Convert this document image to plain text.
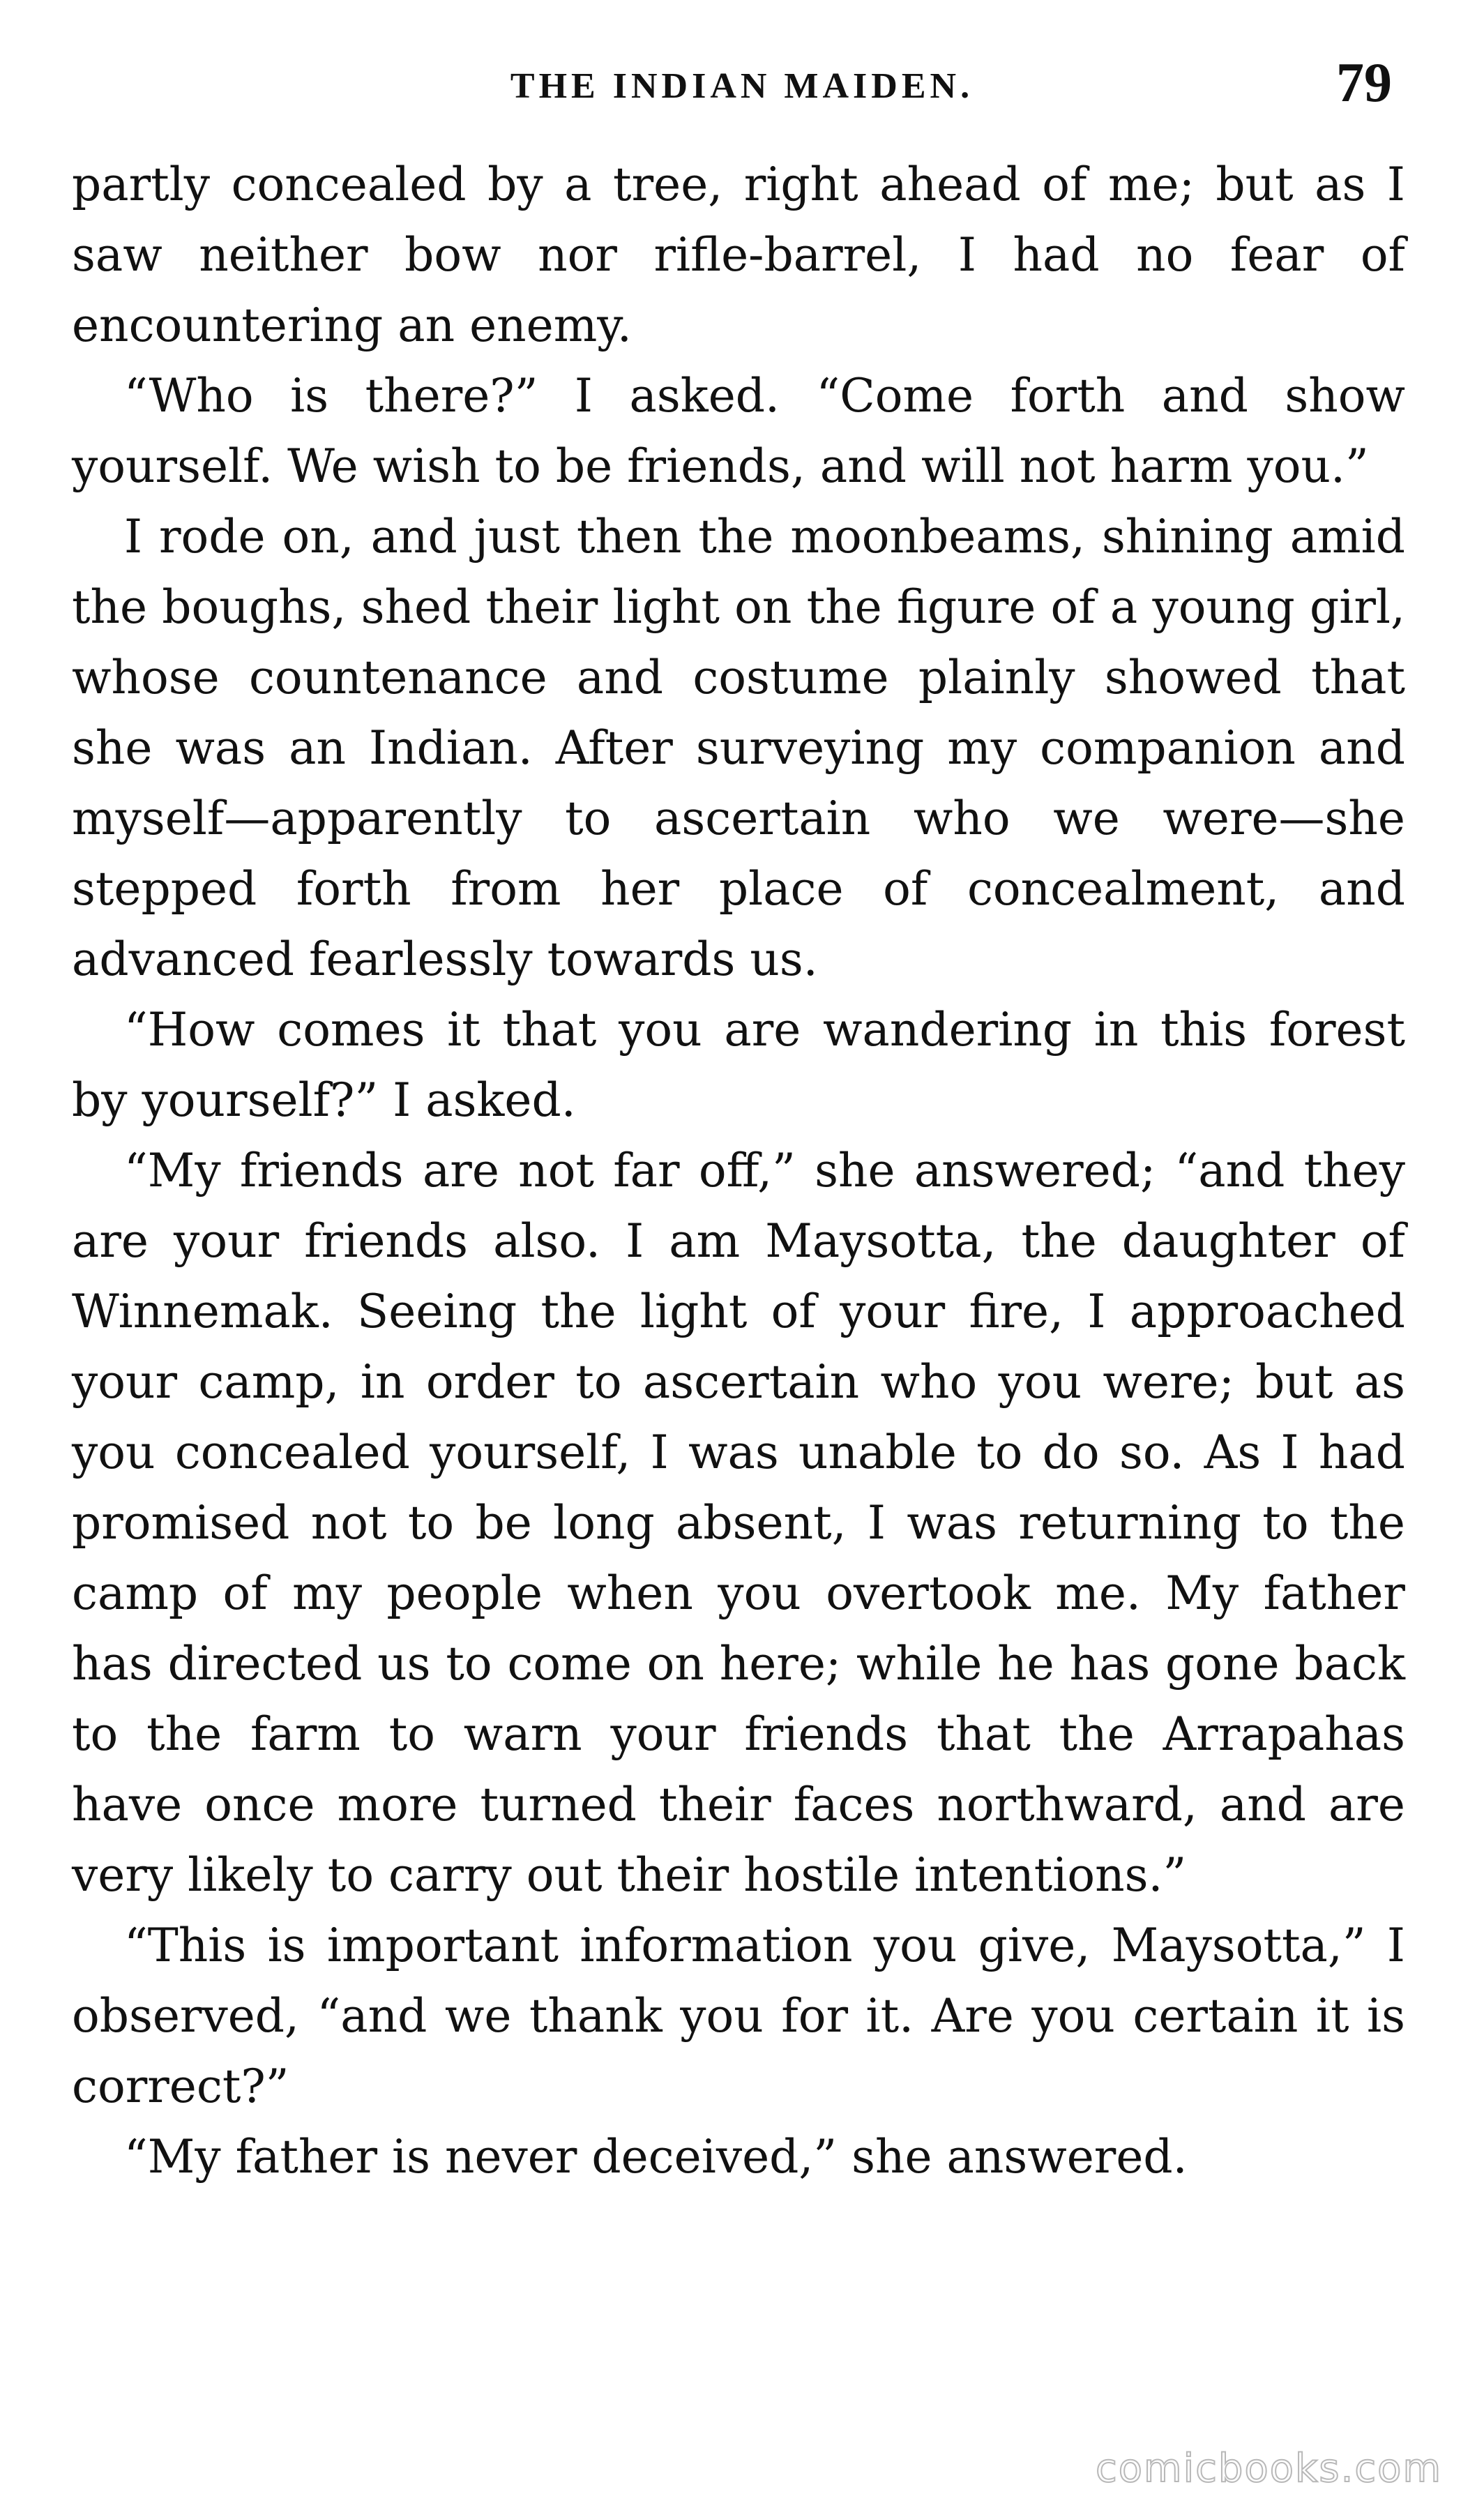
THE INDIAN MAIDEN.	79

partly concealed by a tree, right ahead of me; but as I saw neither bow nor rifle-barrel, I had no fear of encountering an enemy.

“Who is there?” I asked. “Come forth and show yourself. We wish to be friends, and will not harm you.”

I rode on, and just then the moonbeams, shining amid the boughs, shed their light on the figure of a young girl, whose countenance and costume plainly showed that she was an Indian. After surveying my companion and myself—apparently to ascertain who we were—she stepped forth from her place of concealment, and advanced fearlessly towards us.

“How comes it that you are wandering in this forest by yourself?” I asked.

“My friends are not far off,” she answered; “and they are your friends also. I am Maysotta, the daughter of Winnemak. Seeing the light of your fire, I approached your camp, in order to ascertain who you were; but as you concealed yourself, I was unable to do so. As I had promised not to be long absent, I was returning to the camp of my people when you overtook me. My father has directed us to come on here; while he has gone back to the farm to warn your friends that the Arrapahas have once more turned their faces northward, and are very likely to carry out their hostile intentions.”

“This is important information you give, Maysotta,” I observed, “and we thank you for it. Are you certain it is correct?”

“My father is never deceived,” she answered.

comicbooks.com
